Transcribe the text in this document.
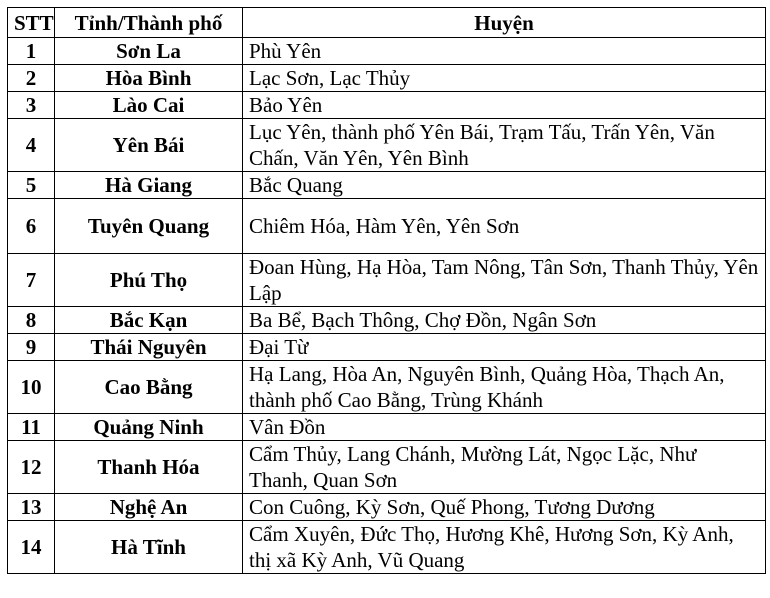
STT	Tỉnh/Thành phố	Huyện
1	Sơn La	Phù Yên
2	Hòa Bình	Lạc Sơn, Lạc Thủy
3	Lào Cai	Bảo Yên
4	Yên Bái	Lục Yên, thành phố Yên Bái, Trạm Tấu, Trấn Yên, Văn Chấn, Văn Yên, Yên Bình
5	Hà Giang	Bắc Quang
6	Tuyên Quang	Chiêm Hóa, Hàm Yên, Yên Sơn
7	Phú Thọ	Đoan Hùng, Hạ Hòa, Tam Nông, Tân Sơn, Thanh Thủy, Yên Lập
8	Bắc Kạn	Ba Bể, Bạch Thông, Chợ Đồn, Ngân Sơn
9	Thái Nguyên	Đại Từ
10	Cao Bằng	Hạ Lang, Hòa An, Nguyên Bình, Quảng Hòa, Thạch An, thành phố Cao Bằng, Trùng Khánh
11	Quảng Ninh	Vân Đồn
12	Thanh Hóa	Cẩm Thủy, Lang Chánh, Mường Lát, Ngọc Lặc, Như Thanh, Quan Sơn
13	Nghệ An	Con Cuông, Kỳ Sơn, Quế Phong, Tương Dương
14	Hà Tĩnh	Cẩm Xuyên, Đức Thọ, Hương Khê, Hương Sơn, Kỳ Anh, thị xã Kỳ Anh, Vũ Quang
